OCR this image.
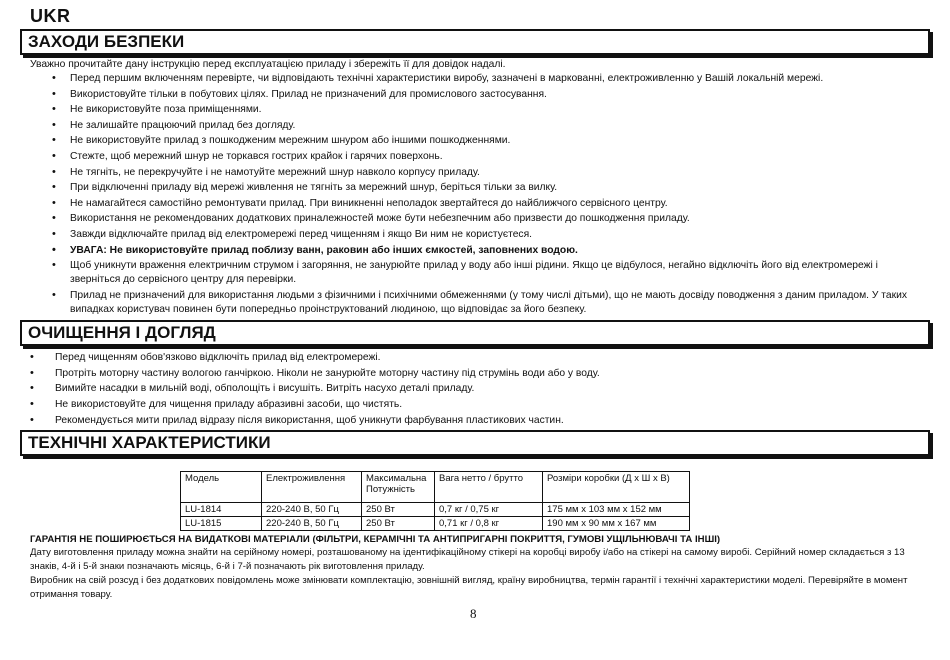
UKR
ЗАХОДИ БЕЗПЕКИ
Уважно прочитайте дану інструкцію перед експлуатацією приладу і збережіть її для довідок надалі.
• Перед першим включенням перевірте, чи відповідають технічні характеристики виробу, зазначені в маркованні, електроживленню у Вашій локальній мережі.
• Використовуйте тільки в побутових цілях. Прилад не призначений для промислового застосування.
• Не використовуйте поза приміщеннями.
• Не залишайте працюючий прилад без догляду.
• Не використовуйте прилад з пошкодженим мережним шнуром або іншими пошкодженнями.
• Стежте, щоб мережний шнур не торкався гострих крайок і гарячих поверхонь.
• Не тягніть, не перекручуйте і не намотуйте мережний шнур навколо корпусу приладу.
• При відключенні приладу від мережі живлення не тягніть за мережний шнур, беріться тільки за вилку.
• Не намагайтеся самостійно ремонтувати прилад. При виникненні неполадок звертайтеся до найближчого сервісного центру.
• Використання не рекомендованих додаткових приналежностей може бути небезпечним або призвести до пошкодження приладу.
• Завжди відключайте прилад від електромережі перед чищенням і якщо Ви ним не користуєтеся.
• УВАГА: Не використовуйте прилад поблизу ванн, раковин або інших ємкостей, заповнених водою.
• Щоб уникнути враження електричним струмом і загоряння, не занурюйте прилад у воду або інші рідини. Якщо це відбулося, негайно відключіть його від електромережі і зверніться до сервісного центру для перевірки.
• Прилад не призначений для використання людьми з фізичними і психічними обмеженнями (у тому числі дітьми), що не мають досвіду поводження з даним приладом. У таких випадках користувач повинен бути попередньо проінструктований людиною, що відповідає за його безпеку.
ОЧИЩЕННЯ І ДОГЛЯД
• Перед чищенням обов'язково відключіть прилад від електромережі.
• Протріть моторну частину вологою ганчіркою. Ніколи не занурюйте моторну частину під струмінь води або у воду.
• Вимийте насадки в мильній воді, обполощіть і висушіть. Витріть насухо деталі приладу.
• Не використовуйте для чищення приладу абразивні засоби, що чистять.
• Рекомендується мити прилад відразу після використання, щоб уникнути фарбування пластикових частин.
ТЕХНІЧНІ ХАРАКТЕРИСТИКИ
Модель	Електроживлення	Максимальна Потужність	Вага нетто / брутто	Розміри коробки (Д х Ш х В)
LU-1814	220-240 В, 50 Гц	250 Вт	0,7 кг / 0,75 кг	175 мм х 103 мм х 152 мм
LU-1815	220-240 В, 50 Гц	250 Вт	0,71 кг / 0,8 кг	190 мм х 90 мм х 167 мм
ГАРАНТІЯ НЕ ПОШИРЮЄТЬСЯ НА ВИДАТКОВІ МАТЕРІАЛИ (ФІЛЬТРИ, КЕРАМІЧНІ ТА АНТИПРИГАРНІ ПОКРИТТЯ, ГУМОВІ УЩІЛЬНЮВАЧІ ТА ІНШІ)
Дату виготовлення приладу можна знайти на серійному номері, розташованому на ідентифікаційному стікері на коробці виробу і/або на стікері на самому виробі. Серійний номер складається з 13 знаків, 4-й і 5-й знаки позначають місяць, 6-й і 7-й позначають рік виготовлення приладу.
Виробник на свій розсуд і без додаткових повідомлень може змінювати комплектацію, зовнішній вигляд, країну виробництва, термін гарантії і технічні характеристики моделі. Перевіряйте в момент отримання товару.
8
